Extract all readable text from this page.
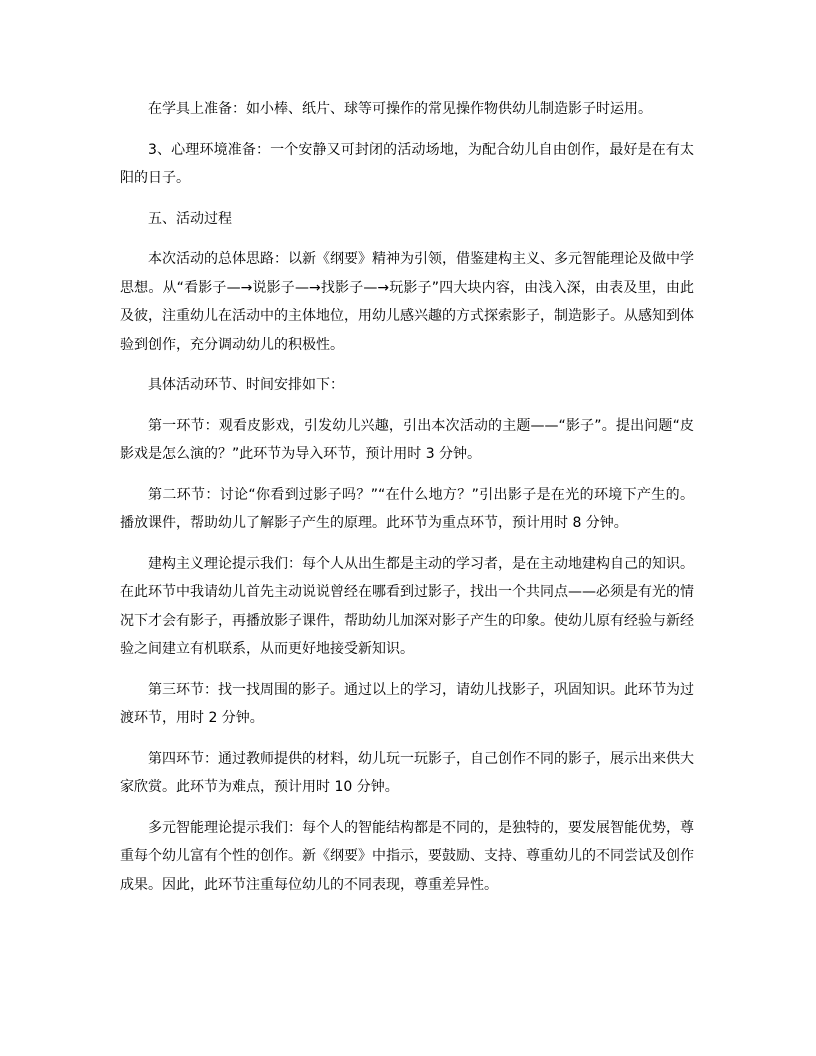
在学具上准备：如小棒、纸片、球等可操作的常见操作物供幼儿制造影子时运用。

3、心理环境准备：一个安静又可封闭的活动场地，为配合幼儿自由创作，最好是在有太阳的日子。

五、活动过程

本次活动的总体思路：以新《纲要》精神为引领，借鉴建构主义、多元智能理论及做中学思想。从“看影子—→说影子—→找影子—→玩影子”四大块内容，由浅入深，由表及里，由此及彼，注重幼儿在活动中的主体地位，用幼儿感兴趣的方式探索影子，制造影子。从感知到体验到创作，充分调动幼儿的积极性。

具体活动环节、时间安排如下：

第一环节：观看皮影戏，引发幼儿兴趣，引出本次活动的主题——“影子”。提出问题“皮影戏是怎么演的？”此环节为导入环节，预计用时 3 分钟。

第二环节：讨论“你看到过影子吗？”“在什么地方？”引出影子是在光的环境下产生的。播放课件，帮助幼儿了解影子产生的原理。此环节为重点环节，预计用时 8 分钟。

建构主义理论提示我们：每个人从出生都是主动的学习者，是在主动地建构自己的知识。在此环节中我请幼儿首先主动说说曾经在哪看到过影子，找出一个共同点——必须是有光的情况下才会有影子，再播放影子课件，帮助幼儿加深对影子产生的印象。使幼儿原有经验与新经验之间建立有机联系，从而更好地接受新知识。

第三环节：找一找周围的影子。通过以上的学习，请幼儿找影子，巩固知识。此环节为过渡环节，用时 2 分钟。

第四环节：通过教师提供的材料，幼儿玩一玩影子，自己创作不同的影子，展示出来供大家欣赏。此环节为难点，预计用时 10 分钟。

多元智能理论提示我们：每个人的智能结构都是不同的，是独特的，要发展智能优势，尊重每个幼儿富有个性的创作。新《纲要》中指示，要鼓励、支持、尊重幼儿的不同尝试及创作成果。因此，此环节注重每位幼儿的不同表现，尊重差异性。
